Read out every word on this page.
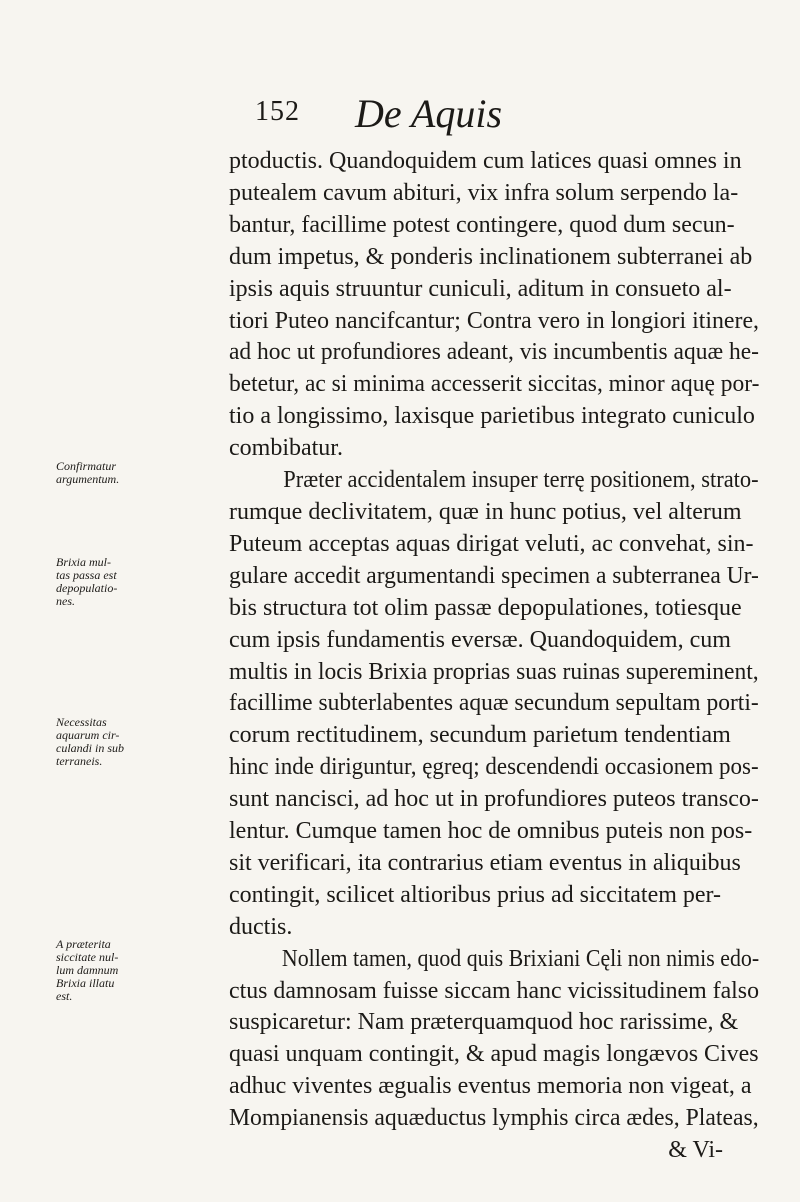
152 De Aquis
ptoductis. Quandoquidem cum latices quasi omnes in
putealem cavum abituri, vix infra solum serpendo la-
bantur, facillime potest contingere, quod dum secun-
dum impetus, & ponderis inclinationem subterranei ab
ipsis aquis struuntur cuniculi, aditum in consueto al-
tiori Puteo nancifcantur; Contra vero in longiori itinere,
ad hoc ut profundiores adeant, vis incumbentis aquæ he-
betetur, ac si minima accesserit siccitas, minor aquę por-
tio a longissimo, laxisque parietibus integrato cuniculo
combibatur.
Præter accidentalem insuper terrę positionem, strato-
rumque declivitatem, quæ in hunc potius, vel alterum
Puteum acceptas aquas dirigat veluti, ac convehat, sin-
gulare accedit argumentandi specimen a subterranea Ur-
bis structura tot olim passæ depopulationes, totiesque
cum ipsis fundamentis eversæ. Quandoquidem, cum
multis in locis Brixia proprias suas ruinas supereminent,
facillime subterlabentes aquæ secundum sepultam porti-
corum rectitudinem, secundum parietum tendentiam
hinc inde diriguntur, ęgreq; descendendi occasionem pos-
sunt nancisci, ad hoc ut in profundiores puteos transco-
lentur. Cumque tamen hoc de omnibus puteis non pos-
sit verificari, ita contrarius etiam eventus in aliquibus
contingit, scilicet altioribus prius ad siccitatem per-
ductis.
Nollem tamen, quod quis Brixiani Cęli non nimis edo-
ctus damnosam fuisse siccam hanc vicissitudinem falso
suspicaretur: Nam præterquamquod hoc rarissime, &
quasi unquam contingit, & apud magis longævos Cives
adhuc viventes ægualis eventus memoria non vigeat, a
Mompianensis aquæductus lymphis circa ædes, Plateas,
& Vi-
Confirmatur
argumentum.
Brixia mul-
tas passa est
depopulatio-
nes.
Necessitas
aquarum cir-
culandi in sub
terraneis.
A præterita
siccitate nul-
lum damnum
Brixia illatu
est.
